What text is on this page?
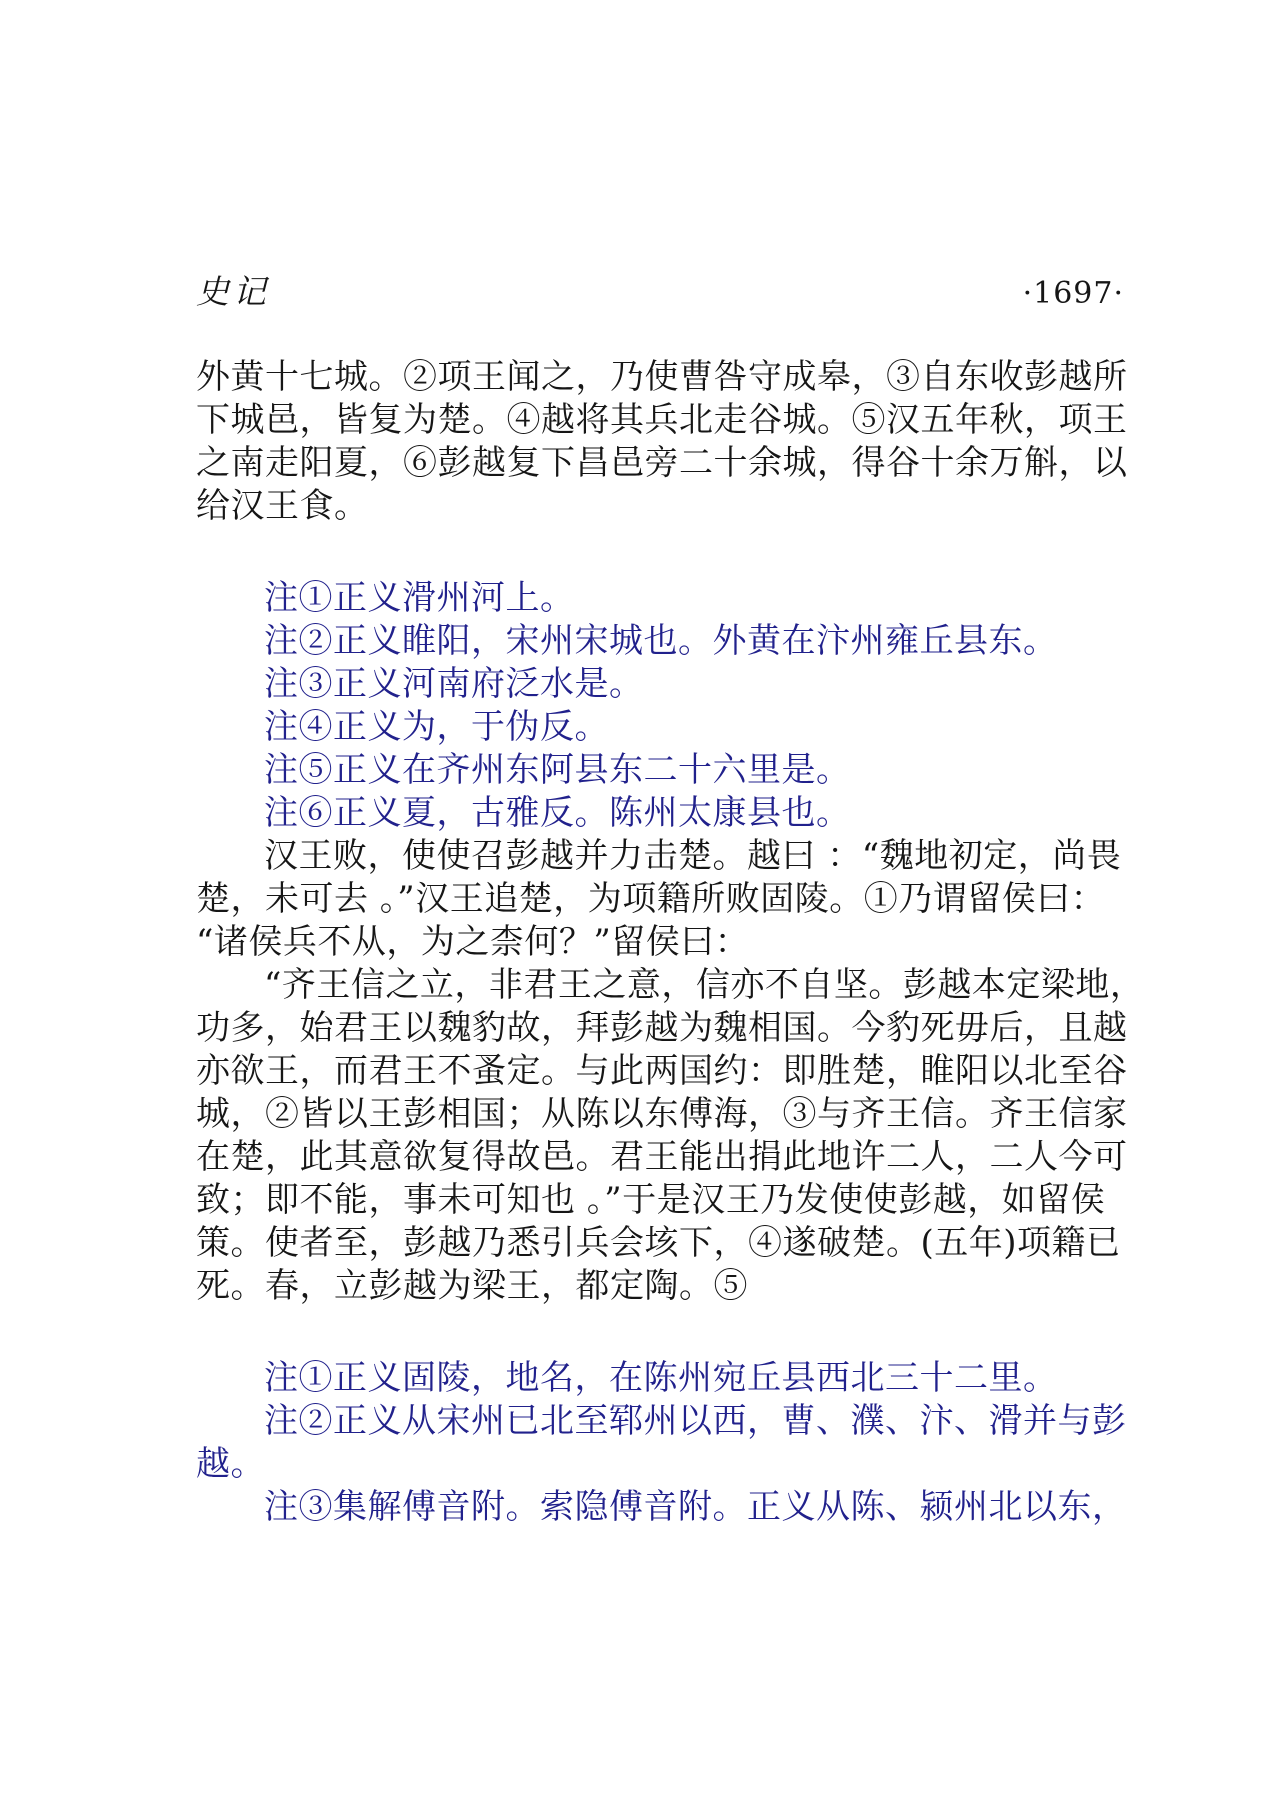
史记	·1697·
外黄十七城。②项王闻之，乃使曹咎守成皋，③自东收彭越所
下城邑，皆复为楚。④越将其兵北走谷城。⑤汉五年秋，项王
之南走阳夏，⑥彭越复下昌邑旁二十余城，得谷十余万斛，以
给汉王食。
注①正义滑州河上。
注②正义睢阳，宋州宋城也。外黄在汴州雍丘县东。
注③正义河南府泛水是。
注④正义为，于伪反。
注⑤正义在齐州东阿县东二十六里是。
注⑥正义夏，古雅反。陈州太康县也。
汉王败，使使召彭越并力击楚。越曰 ：“魏地初定，尚畏
楚，未可去 。”汉王追楚，为项籍所败固陵。①乃谓留侯曰：
“诸侯兵不从，为之柰何？”留侯曰：
“齐王信之立，非君王之意，信亦不自坚。彭越本定梁地，
功多，始君王以魏豹故，拜彭越为魏相国。今豹死毋后，且越
亦欲王，而君王不蚤定。与此两国约：即胜楚，睢阳以北至谷
城，②皆以王彭相国；从陈以东傅海，③与齐王信。齐王信家
在楚，此其意欲复得故邑。君王能出捐此地许二人，二人今可
致；即不能，事未可知也 。”于是汉王乃发使使彭越，如留侯
策。使者至，彭越乃悉引兵会垓下，④遂破楚。(五年)项籍已
死。春，立彭越为梁王，都定陶。⑤
注①正义固陵，地名，在陈州宛丘县西北三十二里。
注②正义从宋州已北至郓州以西，曹、濮、汴、滑并与彭
越。
注③集解傅音附。索隐傅音附。正义从陈、颍州北以东，
